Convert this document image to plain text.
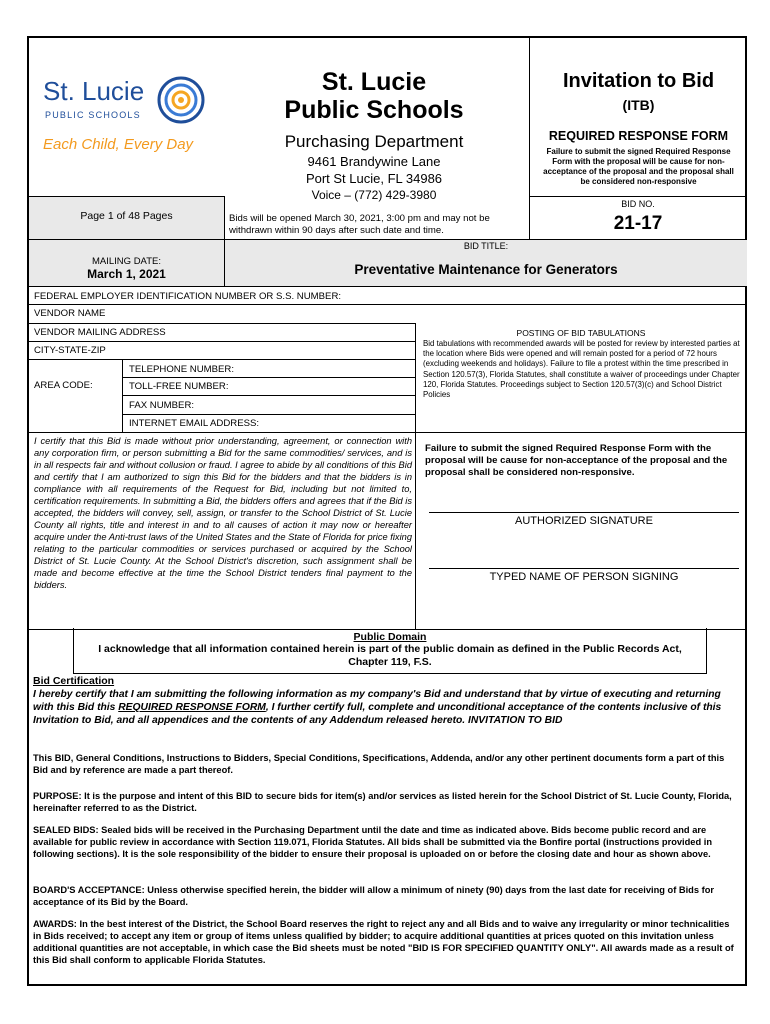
St. Lucie
PUBLIC SCHOOLS
Each Child, Every Day
St. Lucie
Public Schools
Purchasing Department
9461 Brandywine Lane
Port St Lucie, FL 34986
Voice – (772) 429-3980
Invitation to Bid
(ITB)
REQUIRED RESPONSE FORM
Failure to submit the signed Required Response Form with the proposal will be cause for non-acceptance of the proposal and the proposal shall be considered non-responsive
Page 1 of 48 Pages	Bids will be opened March 30, 2021, 3:00 pm and may not be withdrawn within 90 days after such date and time.
BID NO.
21-17
MAILING DATE:
March 1, 2021
BID TITLE:
Preventative Maintenance for Generators
FEDERAL EMPLOYER IDENTIFICATION NUMBER OR S.S. NUMBER:
VENDOR NAME
VENDOR MAILING ADDRESS
CITY-STATE-ZIP
AREA CODE:
TELEPHONE NUMBER:
TOLL-FREE NUMBER:
FAX NUMBER:
INTERNET EMAIL ADDRESS:
POSTING OF BID TABULATIONS
Bid tabulations with recommended awards will be posted for review by interested parties at the location where Bids were opened and will remain posted for a period of 72 hours (excluding weekends and holidays). Failure to file a protest within the time prescribed in Section 120.57(3), Florida Statutes, shall constitute a waiver of proceedings under Chapter 120, Florida Statutes. Proceedings subject to Section 120.57(3)(c) and School District Policies
I certify that this Bid is made without prior understanding, agreement, or connection with any corporation firm, or person submitting a Bid for the same commodities/ services, and is in all respects fair and without collusion or fraud. I agree to abide by all conditions of this Bid and certify that I am authorized to sign this Bid for the bidders and that the bidders is in compliance with all requirements of the Request for Bid, including but not limited to, certification requirements. In submitting a Bid, the bidders offers and agrees that if the Bid is accepted, the bidders will convey, sell, assign, or transfer to the School District of St. Lucie County all rights, title and interest in and to all causes of action it may now or hereafter acquire under the Anti-trust laws of the United States and the State of Florida for price fixing relating to the particular commodities or services purchased or acquired by the School District of St. Lucie County. At the School District's discretion, such assignment shall be made and become effective at the time the School District tenders final payment to the bidders.
Failure to submit the signed Required Response Form with the proposal will be cause for non-acceptance of the proposal and the proposal shall be considered non-responsive.
AUTHORIZED SIGNATURE
TYPED NAME OF PERSON SIGNING
Public Domain
I acknowledge that all information contained herein is part of the public domain as defined in the Public Records Act, Chapter 119, F.S.
Bid Certification
I hereby certify that I am submitting the following information as my company's Bid and understand that by virtue of executing and returning with this Bid this REQUIRED RESPONSE FORM, I further certify full, complete and unconditional acceptance of the contents inclusive of this Invitation to Bid, and all appendices and the contents of any Addendum released hereto. INVITATION TO BID
This BID, General Conditions, Instructions to Bidders, Special Conditions, Specifications, Addenda, and/or any other pertinent documents form a part of this Bid and by reference are made a part thereof.
PURPOSE: It is the purpose and intent of this BID to secure bids for item(s) and/or services as listed herein for the School District of St. Lucie County, Florida, hereinafter referred to as the District.
SEALED BIDS: Sealed bids will be received in the Purchasing Department until the date and time as indicated above. Bids become public record and are available for public review in accordance with Section 119.071, Florida Statutes. All bids shall be submitted via the Bonfire portal (instructions provided in following sections). It is the sole responsibility of the bidder to ensure their proposal is uploaded on or before the closing date and hour as shown above.
BOARD'S ACCEPTANCE: Unless otherwise specified herein, the bidder will allow a minimum of ninety (90) days from the last date for receiving of Bids for acceptance of its Bid by the Board.
AWARDS: In the best interest of the District, the School Board reserves the right to reject any and all Bids and to waive any irregularity or minor technicalities in Bids received; to accept any item or group of items unless qualified by bidder; to acquire additional quantities at prices quoted on this invitation unless additional quantities are not acceptable, in which case the Bid sheets must be noted "BID IS FOR SPECIFIED QUANTITY ONLY". All awards made as a result of this Bid shall conform to applicable Florida Statutes.
